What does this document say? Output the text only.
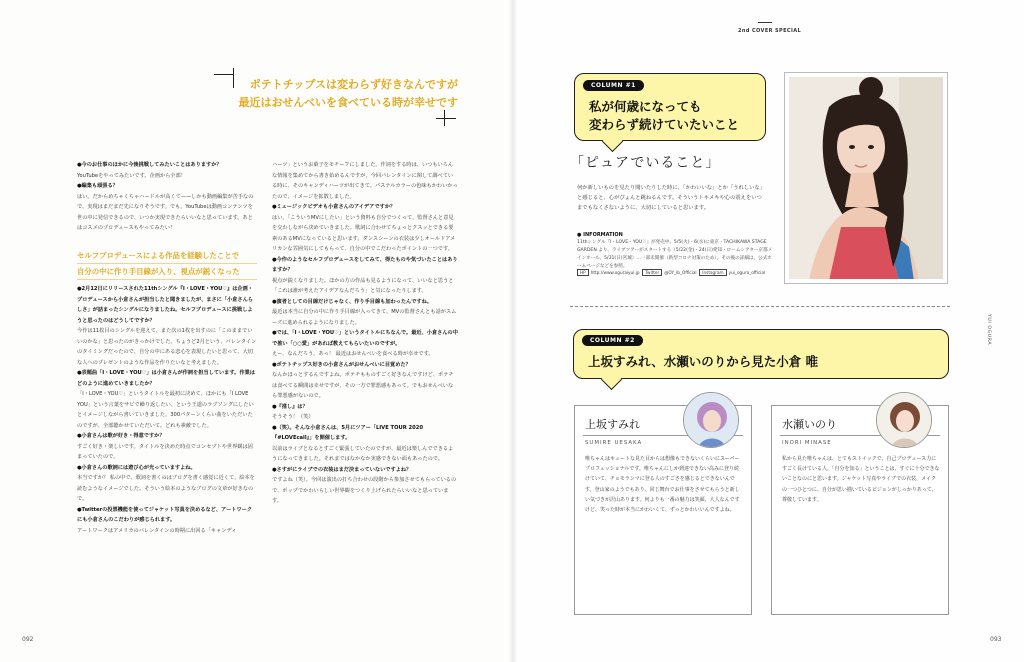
ポテトチップスは変わらず好きなんですが
最近はおせんべいを食べている時が幸せです

●今のお仕事のほかに今後挑戦してみたいことはありますか？

YouTubeをやってみたいです。企画から全部！

●編集も頑張る？

はい。だからめちゃくちゃハードルが高くて——しかも動画編集が苦手なので、実現はまだまだ先になりそうです。でも、YouTubeは動画コンテンツを世の中に発信できるので、いつか実現できたらいいなと思っています。あとはコスメのプロデュースもやってみたい！

セルフプロデュースによる作品を経験したことで
自分の中に作り手目線が入り、視点が鋭くなった

●2月12日にリリースされた11thシングル『I・LOVE・YOU♡』は企画・プロデュースから小倉さんが担当したと聞きましたが、まさに「小倉さんらしさ」が詰まったシングルになりましたね。セルフプロデュースに挑戦しようと思ったのはどうしてですか？

今作は11枚目のシングルを迎えて、また次の1枚を出すのに「このままでいいのかな」と思ったのがきっかけでした。ちょうど2月という、バレンタインのタイミングだったので、自分の中にある恋心を表現したいと思って、大切な人へのプレゼントのような作品を作りたいなと考えました。

●表題曲「I・LOVE・YOU♡」は小倉さんが作詞を担当しています。作業はどのように進めていきましたか？

「I・LOVE・YOU♡」というタイトルを最初に決めて、ほかにも「I LOVE YOU」という言葉をサビで繰り返したい、という王道のラブソングにしたいとイメージしながら書いていきました。300パターンくらい曲をいただいたのですが、全部聴かせていただいて。どれも素敵でした。

●小倉さんは歌が好き・得意ですか？

すごく好き・楽しいです。タイトルを決めた時点でコンセプトや世界観は固まっていたので。

●小倉さんの歌詞には遊び心が光っていますよね。

本当ですか？ 私の中で、歌詞を書くのはブログを書く感覚に近くて、絵本を読むようなイメージでした。そういう絵本のようなブログの文章が好きなので。

●Twitterの投票機能を使ってジャケット写真を決めるなど、アートワークにも小倉さんのこだわりが感じられます。

アートワークはアメリカのバレンタインの時期に出回る「キャンディ

ハーツ」というお菓子をモチーフにしました。作詞をする時は、いつもいろんな情報を集めてから書き始めるんですが、今回バレンタインに関して調べている時に、そのキャンディハーツが出てきて。パステルカラーの色味もかわいかったので、イメージを拡散しました。

●ミュージックビデオも小倉さんのアイデアですか？

はい。「こういうMVにしたい」という資料も自分でつくって、監督さんと意見を交わしながら決めていきました。歌詞に合わせてちょっとクスッとできる要素のあるMVになっていると思います。ダンスシーンの衣装は少しオールドアメリカンな雰囲気にしてもらって、自分の中でこだわったポイントの一つです。

●今作のようなセルフプロデュースをしてみて、得たものや気づいたことはありますか？

視点が鋭くなりました。ほかの方の作品も見るようになって、いいなと思うと「これは誰が考えたアイデアなんだろう」と気になったりします。

●演者としての目線だけじゃなく、作り手目線も加わったんですね。

最近は本当に自分の中に作り手目線が入ってきて、MVの監督さんとも話がスムーズに進められるようになりました。

●では、「I・LOVE・YOU♡」というタイトルにちなんで。最近、小倉さんの中で推い「○○愛」があれば教えてもらいたいのですが。

えー、なんだろう。あっ！ 最近はおせんべいを食べる時が幸せです。

●ポテトチップス好きの小倉さんがおせんべいに目覚めた？

なんかほっとするんですよね。ポテチもものすごく好きなんですけど、ポテチは食べてる瞬間は幸せですが、その一方で罪悪感もあって。でもおせんべいなら罪悪感がないので。

●『推し』は？

そうそう！（笑）

●（笑）。そんな小倉さんは、5月にツアー「LIVE TOUR 2020『#LOVEcall』」を開催します。

以前はライブとなるとすごく緊張していたのですが、最近は楽しんでできるようになってきました。それまではなかなか実感できない面もあったので。

●さすがにライブでの衣装はまだ決まっていないですよね？

ですよね（笑）。今回は演出の打ち合わせの段階から参加させてもらっているので、ポップでかわいらしい世界観をつくり上げられたらいいなと思っています。

092
2nd COVER SPECIAL
YUI OGURA
COLUMN #1
私が何歳になっても
変わらず続けていたいこと
「ピュアでいること」
何か新しいものを見たり聞いたりした時に、「かわいいな」とか「うれしいな」と感じると、心がぴょんと跳ねるんです。そういうトキメキや心の震えをいつまでもなくさないように、大切にしていると思います。
● INFORMATION
11thシングル『I・LOVE・YOU♡』が発売中。5/5(火)・6(水)に東京・TACHIKAWA STAGE GARDEN より、ライブツアーがスタートする（5/22(金)・24(日)愛知・ロームシアター京都メインホール、5/31(日)宮城）…一部未開催（新型コロナ対策のため）。その後の詳細は、公式ホームページなどを参照。
HP http://www.oguraiyui.jp Twitter @OY_ib_Official Instagram yui_ogura_official
COLUMN #2
上坂すみれ、水瀬いのりから見た小倉 唯
上坂すみれ
SUMIRE UESAKA
唯ちゃんはキュートな見た目からは想像もできないくらいにスーパープロフェッショナルです。唯ちゃんにしか到達できない高みに登り続けていて、チョモランマに登る人のすごさを感じるとできないんです。登山家のようでもあり、同じ舞台でお仕事をさせてもらうと新しい気づきが沢山あります。何よりも一番の魅力は笑顔、大人なんですけど、笑った時が本当にかわいくて、ずっとかわいいんですよね。
水瀬いのり
INORI MINASE
私から見た唯ちゃんは、とてもストイックで、自己プロデュース力にすごく長けている人。「自分を知る」ということは、すぐに十分できないことなのにと思います。ジャケット写真やライブでの衣装、メイクの一つひとつに、自分が思い描いているビジョンがしっかりあって、尊敬しています。
093
